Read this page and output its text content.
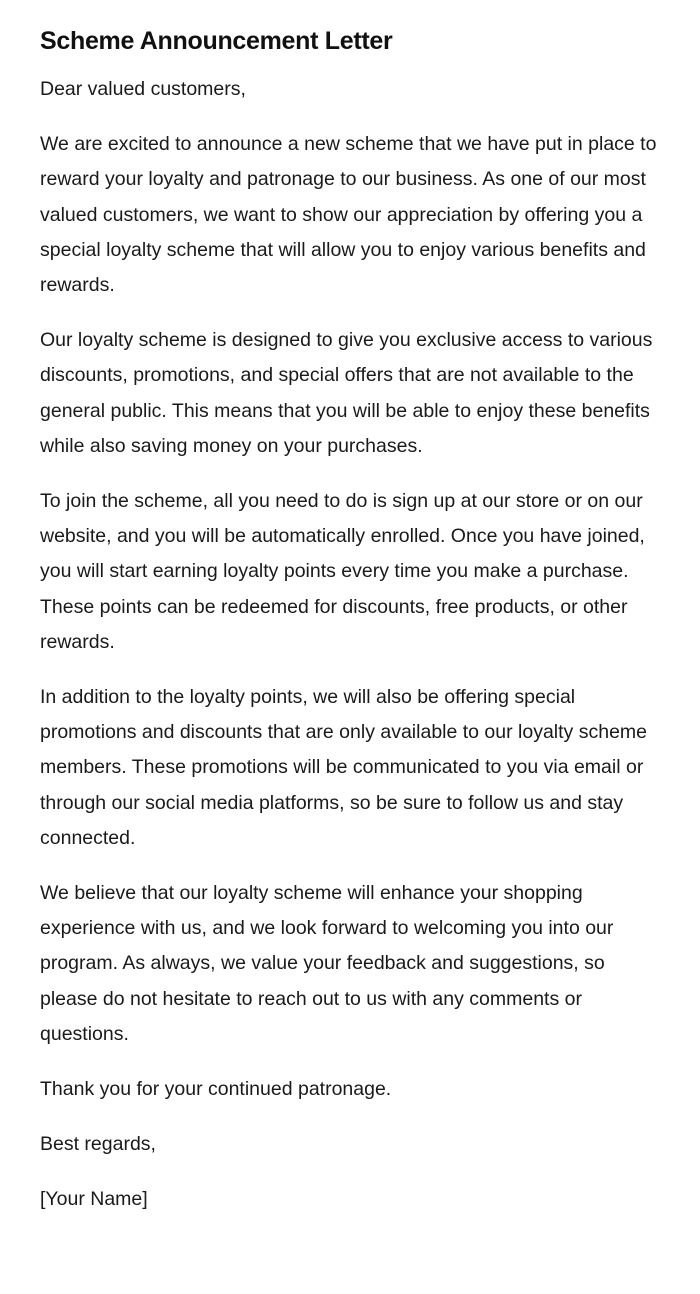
Scheme Announcement Letter

Dear valued customers,

We are excited to announce a new scheme that we have put in place to reward your loyalty and patronage to our business. As one of our most valued customers, we want to show our appreciation by offering you a special loyalty scheme that will allow you to enjoy various benefits and rewards.

Our loyalty scheme is designed to give you exclusive access to various discounts, promotions, and special offers that are not available to the general public. This means that you will be able to enjoy these benefits while also saving money on your purchases.

To join the scheme, all you need to do is sign up at our store or on our website, and you will be automatically enrolled. Once you have joined, you will start earning loyalty points every time you make a purchase. These points can be redeemed for discounts, free products, or other rewards.

In addition to the loyalty points, we will also be offering special promotions and discounts that are only available to our loyalty scheme members. These promotions will be communicated to you via email or through our social media platforms, so be sure to follow us and stay connected.

We believe that our loyalty scheme will enhance your shopping experience with us, and we look forward to welcoming you into our program. As always, we value your feedback and suggestions, so please do not hesitate to reach out to us with any comments or questions.

Thank you for your continued patronage.

Best regards,

[Your Name]
